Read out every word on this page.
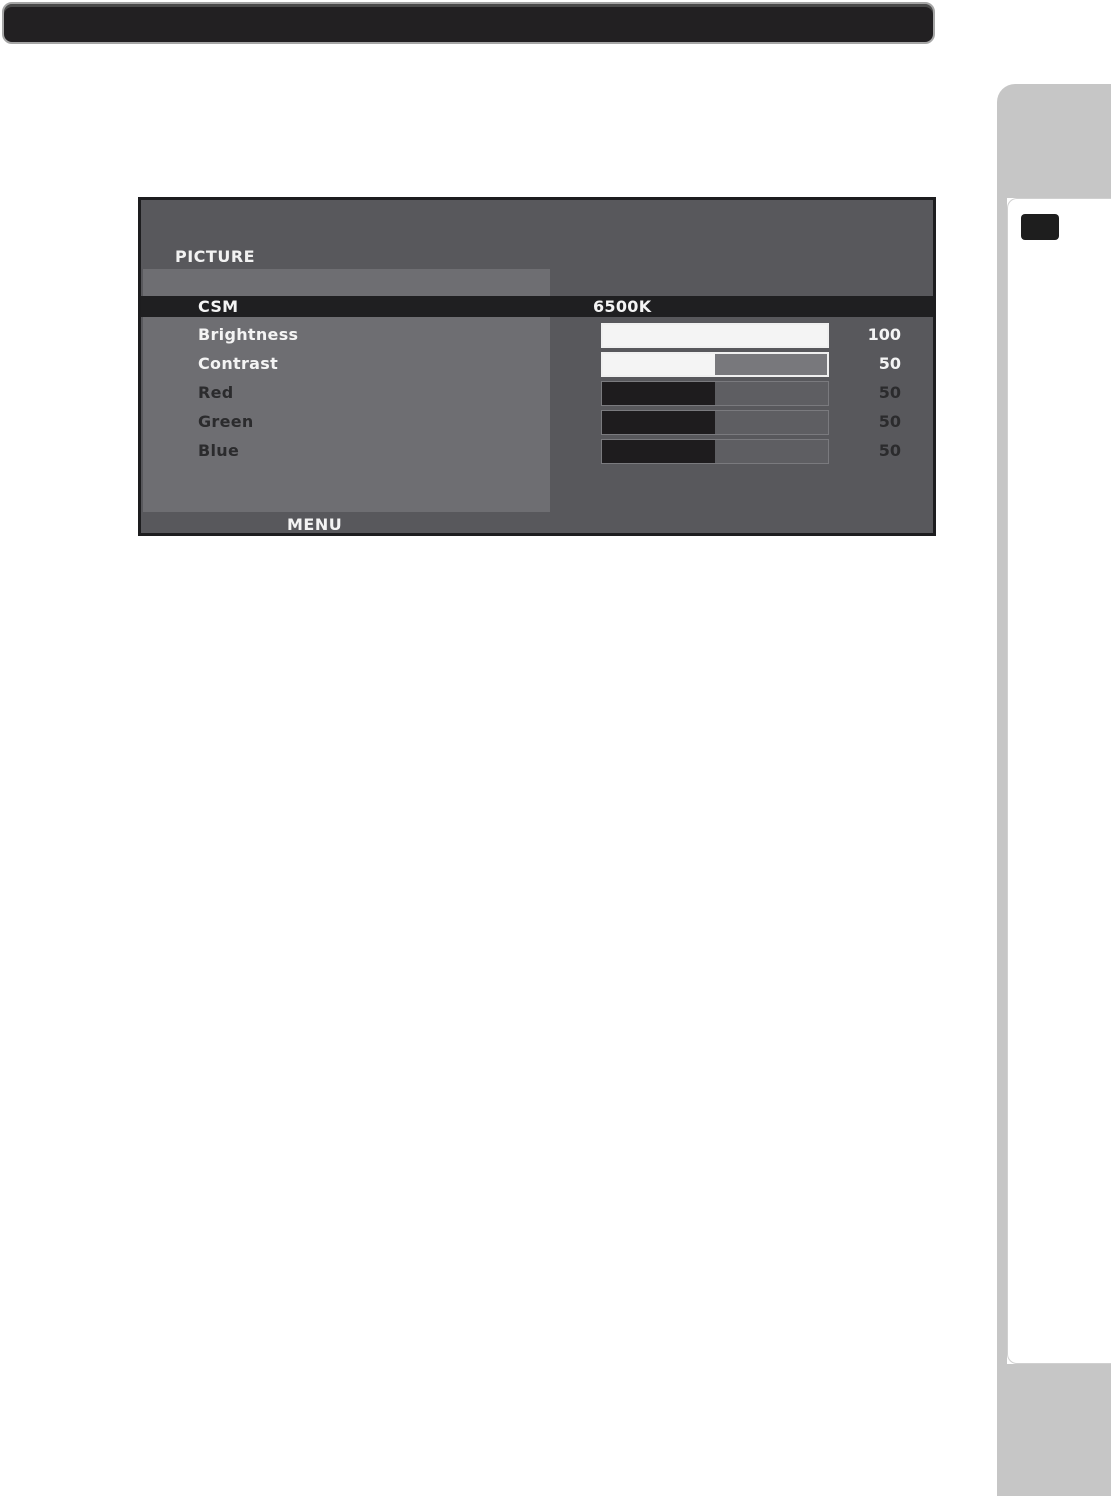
PICTURE
CSM	6500K
Brightness	100
Contrast	50
Red	50
Green	50
Blue	50
MENU
